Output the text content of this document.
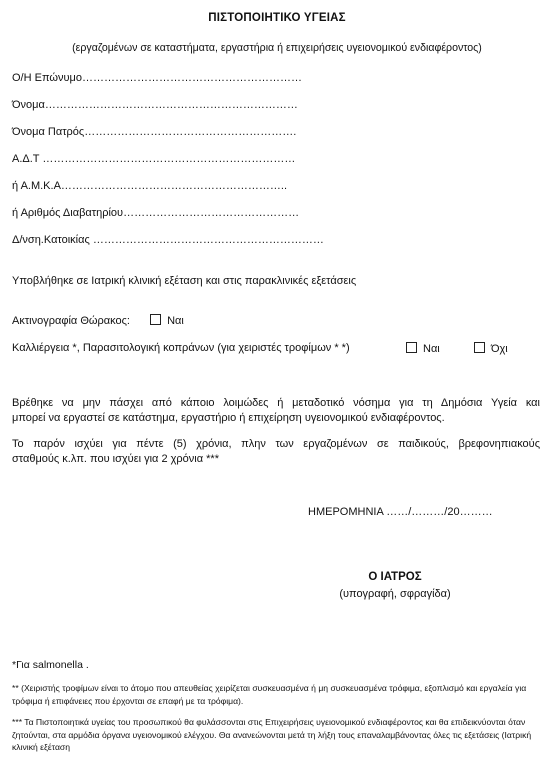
ΠΙΣΤΟΠΟΙΗΤΙΚΟ ΥΓΕΙΑΣ
(εργαζομένων σε καταστήματα, εργαστήρια ή επιχειρήσεις υγειονομικού ενδιαφέροντος)
Ο/Η Επώνυμο……………………………………………………
Όνομα……………………………………………………………
Όνομα Πατρός………………………………………………….
Α.Δ.Τ ……………………………………………………………
ή Α.Μ.Κ.Α……………………………………………………..
ή Αριθμός Διαβατηρίου…………………………………………
Δ/νση.Κατοικίας ………………………………………………………
Υποβλήθηκε σε Ιατρική κλινική εξέταση και στις παρακλινικές εξετάσεις
Ακτινογραφία Θώρακος:	Ναι
Καλλιέργεια *, Παρασιτολογική κοπράνων (για χειριστές τροφίμων * *)	Ναι	Όχι
Βρέθηκε να μην πάσχει από κάποιο λοιμώδες ή μεταδοτικό νόσημα για τη Δημόσια Υγεία και
μπορεί να εργαστεί σε κατάστημα, εργαστήριο ή επιχείρηση υγειονομικού ενδιαφέροντος.
Το παρόν ισχύει για πέντε (5) χρόνια, πλην των εργαζομένων σε παιδικούς, βρεφονηπιακούς
σταθμούς κ.λπ. που ισχύει για 2 χρόνια ***
ΗΜΕΡΟΜΗΝΙΑ ……/………/20………
Ο ΙΑΤΡΟΣ
(υπογραφή, σφραγίδα)
*Για salmonella .
** (Χειριστής τροφίμων είναι το άτομο που απευθείας χειρίζεται συσκευασμένα ή μη συσκευασμένα τρόφιμα, εξοπλισμό και εργαλεία για τρόφιμα ή επιφάνειες που έρχονται σε επαφή με τα τρόφιμα).
*** Τα Πιστοποιητικά υγείας του προσωπικού θα φυλάσσονται στις Επιχειρήσεις υγειονομικού ενδιαφέροντος και θα επιδεικνύονται όταν ζητούνται, στα αρμόδια όργανα υγειονομικού ελέγχου. Θα ανανεώνονται μετά τη λήξη τους επαναλαμβάνοντας όλες τις εξετάσεις (Ιατρική κλινική εξέταση
